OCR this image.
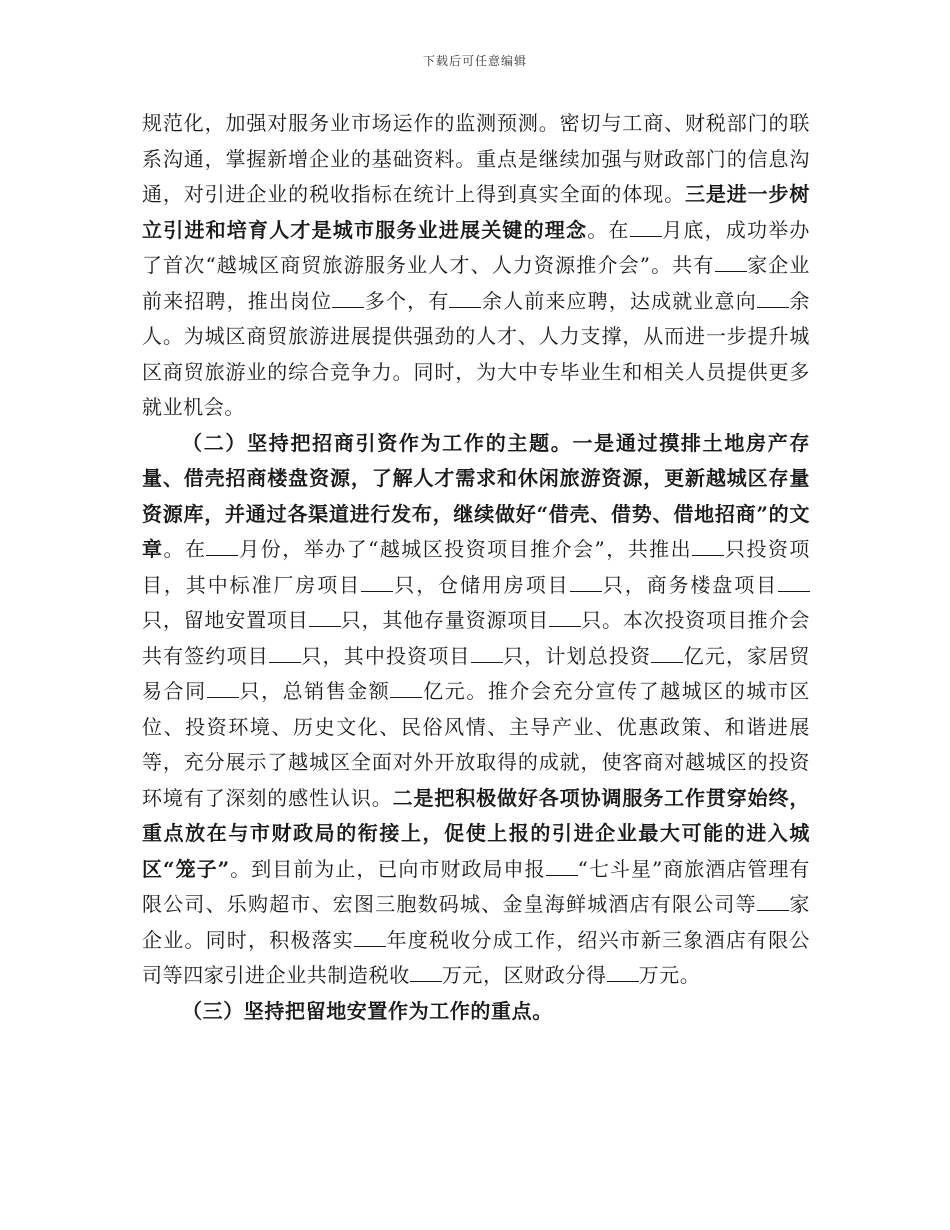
下载后可任意编辑

规范化，加强对服务业市场运作的监测预测。密切与工商、财税部门的联系沟通，掌握新增企业的基础资料。重点是继续加强与财政部门的信息沟通，对引进企业的税收指标在统计上得到真实全面的体现。三是进一步树立引进和培育人才是城市服务业进展关键的理念。在 月底，成功举办了首次“越城区商贸旅游服务业人才、人力资源推介会”。共有 家企业前来招聘，推出岗位 多个，有 余人前来应聘，达成就业意向 余人。为城区商贸旅游进展提供强劲的人才、人力支撑，从而进一步提升城区商贸旅游业的综合竞争力。同时，为大中专毕业生和相关人员提供更多就业机会。

（二）坚持把招商引资作为工作的主题。一是通过摸排土地房产存量、借壳招商楼盘资源，了解人才需求和休闲旅游资源，更新越城区存量资源库，并通过各渠道进行发布，继续做好“借壳、借势、借地招商”的文章。在 月份，举办了“越城区投资项目推介会”，共推出 只投资项目，其中标准厂房项目 只，仓储用房项目 只，商务楼盘项目只，留地安置项目 只，其他存量资源项目 只。本次投资项目推介会共有签约项目 只，其中投资项目 只，计划总投资 亿元，家居贸易合同 只，总销售金额 亿元。推介会充分宣传了越城区的城市区位、投资环境、历史文化、民俗风情、主导产业、优惠政策、和谐进展等，充分展示了越城区全面对外开放取得的成就，使客商对越城区的投资环境有了深刻的感性认识。二是把积极做好各项协调服务工作贯穿始终，重点放在与市财政局的衔接上，促使上报的引进企业最大可能的进入城区“笼子”。到目前为止，已向市财政局申报 “七斗星”商旅酒店管理有限公司、乐购超市、宏图三胞数码城、金皇海鲜城酒店有限公司等 家企业。同时，积极落实 年度税收分成工作，绍兴市新三象酒店有限公司等四家引进企业共制造税收 万元，区财政分得 万元。

（三）坚持把留地安置作为工作的重点。
